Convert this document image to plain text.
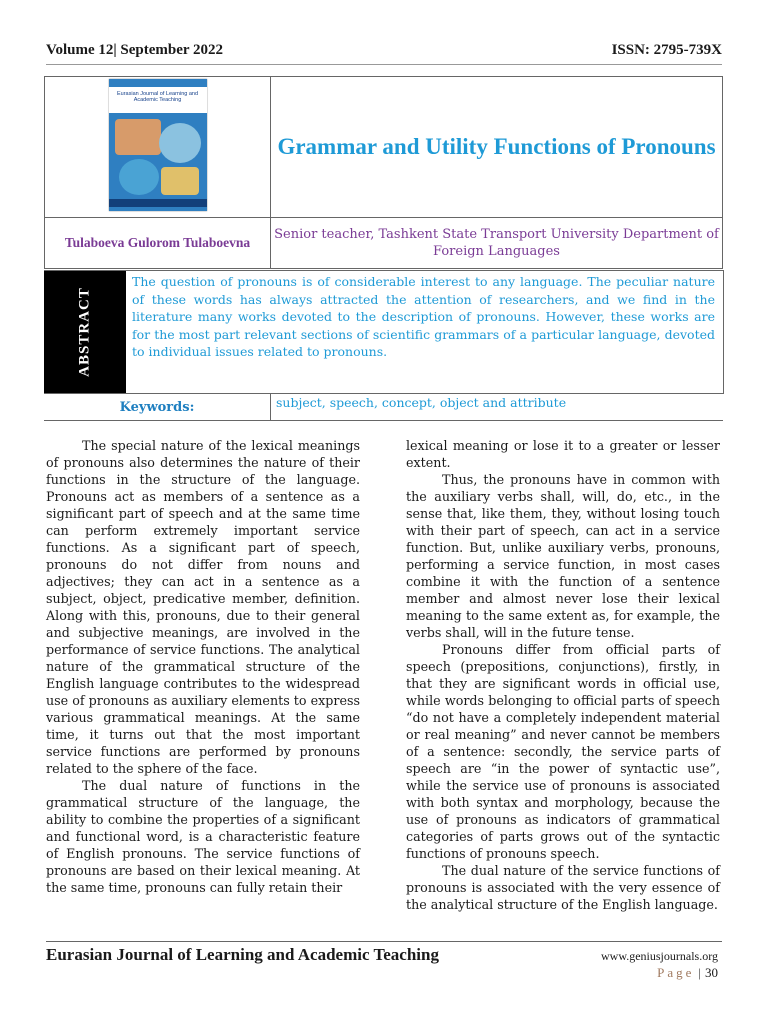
Volume 12| September 2022	ISSN: 2795-739X
Eurasian Journal of Learning and Academic Teaching	Grammar and Utility Functions of Pronouns
Tulaboeva Gulorom Tulaboevna	Senior teacher, Tashkent State Transport University Department of Foreign Languages
ABSTRACT
The question of pronouns is of considerable interest to any language. The peculiar nature of these words has always attracted the attention of researchers, and we find in the literature many works devoted to the description of pronouns. However, these works are for the most part relevant sections of scientific grammars of a particular language, devoted to individual issues related to pronouns.
Keywords:	subject, speech, concept, object and attribute

The special nature of the lexical meanings of pronouns also determines the nature of their functions in the structure of the language. Pronouns act as members of a sentence as a significant part of speech and at the same time can perform extremely important service functions. As a significant part of speech, pronouns do not differ from nouns and adjectives; they can act in a sentence as a subject, object, predicative member, definition. Along with this, pronouns, due to their general and subjective meanings, are involved in the performance of service functions. The analytical nature of the grammatical structure of the English language contributes to the widespread use of pronouns as auxiliary elements to express various grammatical meanings. At the same time, it turns out that the most important service functions are performed by pronouns related to the sphere of the face.

The dual nature of functions in the grammatical structure of the language, the ability to combine the properties of a significant and functional word, is a characteristic feature of English pronouns. The service functions of pronouns are based on their lexical meaning. At the same time, pronouns can fully retain their

lexical meaning or lose it to a greater or lesser extent.

Thus, the pronouns have in common with the auxiliary verbs shall, will, do, etc., in the sense that, like them, they, without losing touch with their part of speech, can act in a service function. But, unlike auxiliary verbs, pronouns, performing a service function, in most cases combine it with the function of a sentence member and almost never lose their lexical meaning to the same extent as, for example, the verbs shall, will in the future tense.

Pronouns differ from official parts of speech (prepositions, conjunctions), firstly, in that they are significant words in official use, while words belonging to official parts of speech “do not have a completely independent material or real meaning” and never cannot be members of a sentence: secondly, the service parts of speech are “in the power of syntactic use”, while the service use of pronouns is associated with both syntax and morphology, because the use of pronouns as indicators of grammatical categories of parts grows out of the syntactic functions of pronouns speech.

The dual nature of the service functions of pronouns is associated with the very essence of the analytical structure of the English language.

Eurasian Journal of Learning and Academic Teaching	www.geniusjournals.org
Page | 30
